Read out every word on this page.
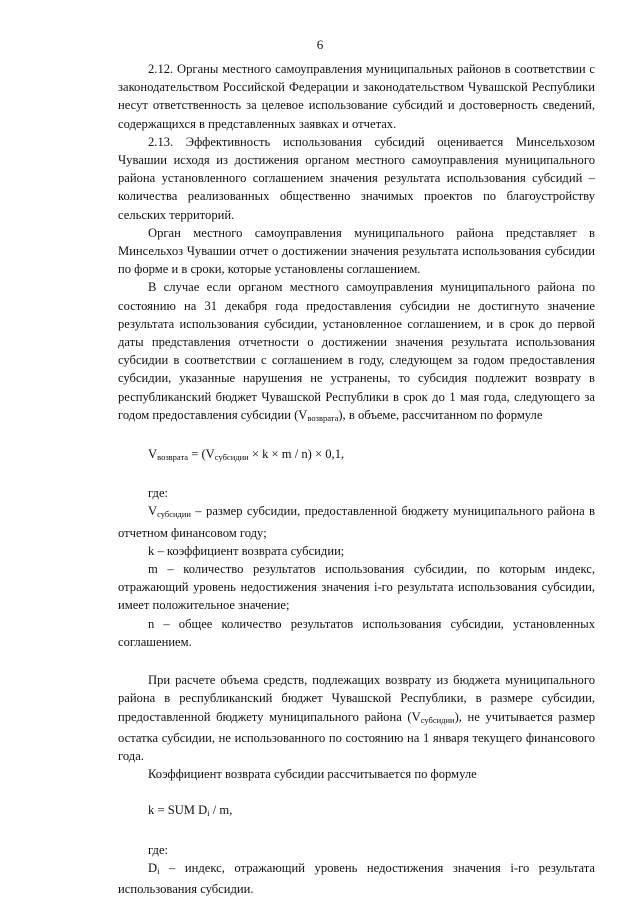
6

2.12. Органы местного самоуправления муниципальных районов в соответствии с законодательством Российской Федерации и законодательством Чувашской Республики несут ответственность за целевое использование субсидий и достоверность сведений, содержащихся в представленных заявках и отчетах.

2.13. Эффективность использования субсидий оценивается Минсельхозом Чувашии исходя из достижения органом местного самоуправления муниципального района установленного соглашением значения результата использования субсидий – количества реализованных общественно значимых проектов по благоустройству сельских территорий.

Орган местного самоуправления муниципального района представляет в Минсельхоз Чувашии отчет о достижении значения результата использования субсидии по форме и в сроки, которые установлены соглашением.

В случае если органом местного самоуправления муниципального района по состоянию на 31 декабря года предоставления субсидии не достигнуто значение результата использования субсидии, установленное соглашением, и в срок до первой даты представления отчетности о достижении значения результата использования субсидии в соответствии с соглашением в году, следующем за годом предоставления субсидии, указанные нарушения не устранены, то субсидия подлежит возврату в республиканский бюджет Чувашской Республики в срок до 1 мая года, следующего за годом предоставления субсидии $(V_{возврата})$, в объеме, рассчитанном по формуле

$V_{возврата} = (V_{субсидии} \times k \times m / n) \times 0,1$,

где:

$V_{субсидии}$ – размер субсидии, предоставленной бюджету муниципального района в отчетном финансовом году;

k – коэффициент возврата субсидии;

m – количество результатов использования субсидии, по которым индекс, отражающий уровень недостижения значения i-го результата использования субсидии, имеет положительное значение;

n – общее количество результатов использования субсидии, установленных соглашением.

При расчете объема средств, подлежащих возврату из бюджета муниципального района в республиканский бюджет Чувашской Республики, в размере субсидии, предоставленной бюджету муниципального района $(V_{субсидии})$, не учитывается размер остатка субсидии, не использованного по состоянию на 1 января текущего финансового года.

Коэффициент возврата субсидии рассчитывается по формуле

k = SUM $D_i$ / m,

где:

$D_i$ – индекс, отражающий уровень недостижения значения i-го результата использования субсидии.
